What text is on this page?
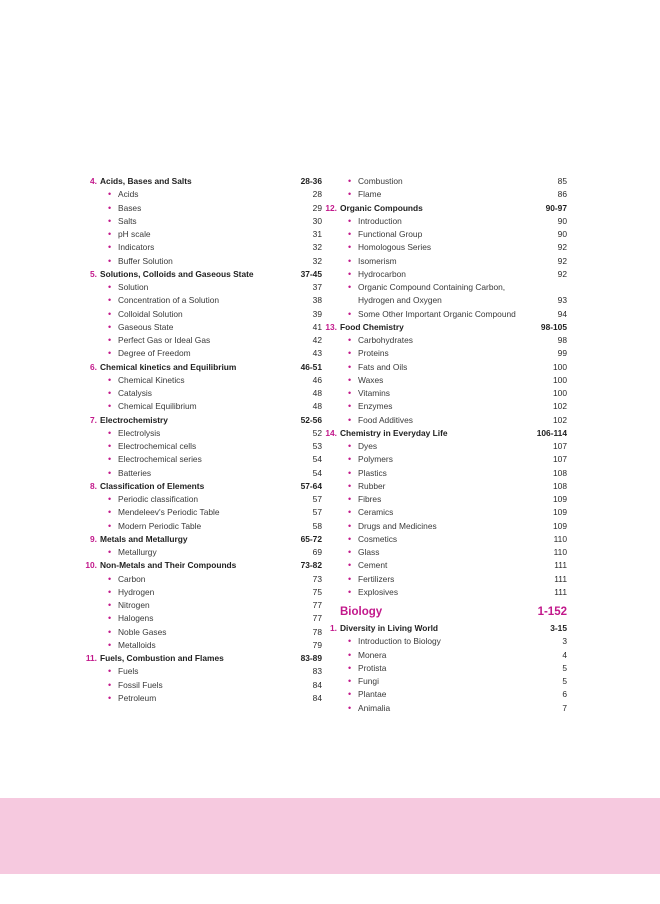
4. Acids, Bases and Salts	28-36
• Acids	28
• Bases	29
• Salts	30
• pH scale	31
• Indicators	32
• Buffer Solution	32
5. Solutions, Colloids and Gaseous State	37-45
• Solution	37
• Concentration of a Solution	38
• Colloidal Solution	39
• Gaseous State	41
• Perfect Gas or Ideal Gas	42
• Degree of Freedom	43
6. Chemical kinetics and Equilibrium	46-51
• Chemical Kinetics	46
• Catalysis	48
• Chemical Equilibrium	48
7. Electrochemistry	52-56
• Electrolysis	52
• Electrochemical cells	53
• Electrochemical series	54
• Batteries	54
8. Classification of Elements	57-64
• Periodic classification	57
• Mendeleev's Periodic Table	57
• Modern Periodic Table	58
9. Metals and Metallurgy	65-72
• Metallurgy	69
10. Non-Metals and Their Compounds	73-82
• Carbon	73
• Hydrogen	75
• Nitrogen	77
• Halogens	77
• Noble Gases	78
• Metalloids	79
11. Fuels, Combustion and Flames	83-89
• Fuels	83
• Fossil Fuels	84
• Petroleum	84
• Combustion	85
• Flame	86
12. Organic Compounds	90-97
• Introduction	90
• Functional Group	90
• Homologous Series	92
• Isomerism	92
• Hydrocarbon	92
• Organic Compound Containing Carbon,
Hydrogen and Oxygen	93
• Some Other Important Organic Compound	94
13. Food Chemistry	98-105
• Carbohydrates	98
• Proteins	99
• Fats and Oils	100
• Waxes	100
• Vitamins	100
• Enzymes	102
• Food Additives	102
14. Chemistry in Everyday Life	106-114
• Dyes	107
• Polymers	107
• Plastics	108
• Rubber	108
• Fibres	109
• Ceramics	109
• Drugs and Medicines	109
• Cosmetics	110
• Glass	110
• Cement	111
• Fertilizers	111
• Explosives	111
Biology	1-152
1. Diversity in Living World	3-15
• Introduction to Biology	3
• Monera	4
• Protista	5
• Fungi	5
• Plantae	6
• Animalia	7
